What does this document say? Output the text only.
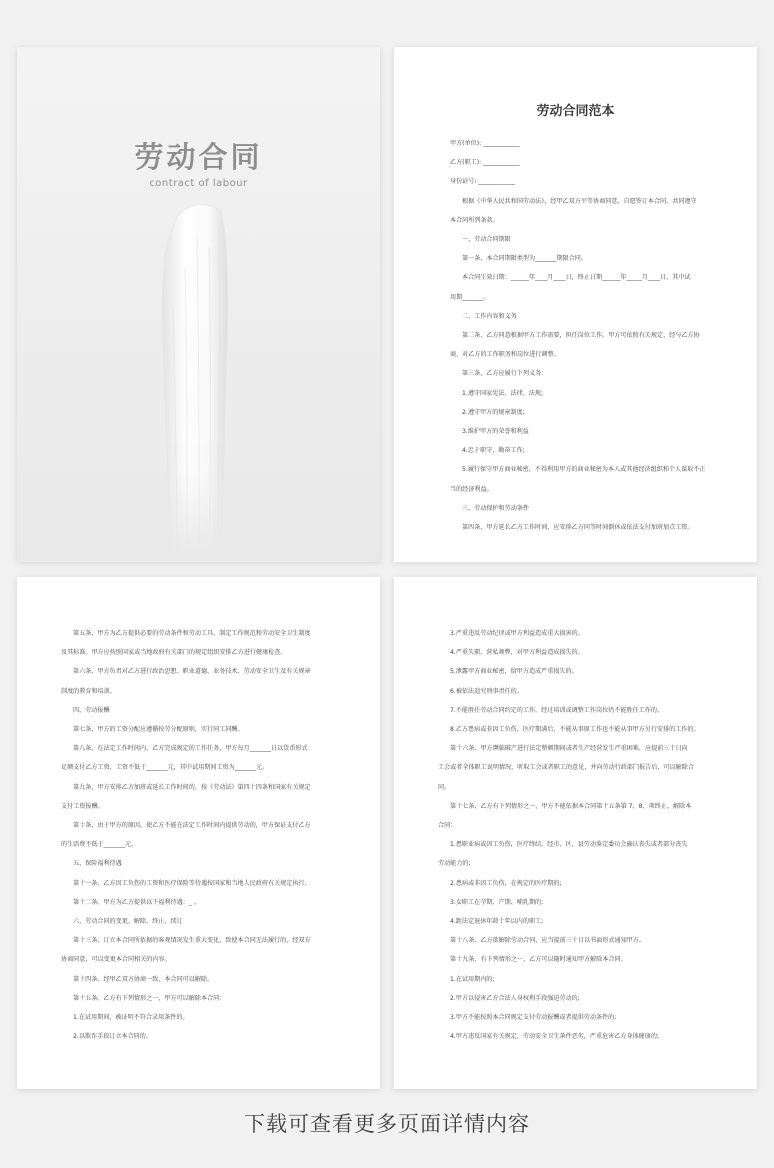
劳动合同
contract of labour
劳动合同范本
甲方(单位): ____________
乙方(职工): ____________
身份证号: ____________
根据《中华人民共和国劳动法》，经甲乙双方平等协商同意，自愿签订本合同，共同遵守
本合同所列条款。
一、劳动合同期限
第一条、本合同期限类型为_______期限合同。
本合同生效日期：______年____月____日，终止日期______年_____月____日，其中试
用期_______。
二、工作内容和义务
第二条、乙方同意根据甲方工作需要，担任岗位工作。甲方可依照有关规定，经与乙方协
商，对乙方的工作职务和岗位进行调整。
第三条、乙方应履行下列义务：
1.遵守国家宪法、法律、法规;
2.遵守甲方的规章制度;
3.维护甲方的荣誉和利益
4.忠于职守，勤奋工作;
5.履行保守甲方商业秘密，不得利用甲方的商业秘密为本人或其他经济组织和个人谋取不正
当的经济利益。
三、劳动保护和劳动条件
第四条、甲方延长乙方工作时间，应安排乙方同等时间倒休或依法支付加班加点工资。
第五条、甲方为乙方提供必要的劳动条件和劳动工具，制定工作规范和劳动安全卫生制度
及其标准。甲方应按照国家或当地政府有关部门的规定组织安排乙方进行健康检查。
第六条、甲方负责对乙方进行政治思想、职业道德、业务技术、劳动安全卫生及有关规章
制度的教育和培训。
四、劳动报酬
第七条、甲方的工资分配应遵循按劳分配原则，实行同工同酬。
第八条、在法定工作时间内，乙方完成规定的工作任务，甲方每月_______日以货币形式
足额支付乙方工资，工资不低于_______元，其中试用期间工资为_______元。
第九条、甲方安排乙方加班或延长工作时间的，按《劳动法》第四十四条和国家有关规定
支付工资报酬。
第十条、由于甲方的原因，使乙方不能在法定工作时间内提供劳动的，甲方保证支付乙方
的生活费不低于_______元。
五、保险福利待遇
第十一条、乙方因工负伤的工资和医疗保险等待遇按国家和当地人民政府有关规定执行。
第十二条、甲方为乙方提供以下福利待遇：_ 。
六、劳动合同的变更、解除、终止、续订
第十三条、订立本合同所依据的客观情况发生重大变化，致使本合同无法履行的，经双方
协商同意，可以变更本合同相关的内容。
第十四条、经甲乙双方协商一致，本合同可以解除。
第十五条、乙方有下列情形之一，甲方可以解除本合同：
1.在试用期间，被证明不符合录用条件的。
2.以欺诈手段订立本合同的。
3.严重违反劳动纪律或甲方利益造成重大损害的。
4.严重失职，营私舞弊，对甲方利益造成损失的。
5.泄露甲方商业秘密，给甲方造成严重损失的。
6.被依法追究刑事责任的。
7.不能胜任劳动合同约定的工作，经过培训或调整工作岗位仍不能胜任工作的。
8.乙方患病或非因工负伤，医疗期满后，不能从事原工作也不能从事甲方另行安排的工作的。
第十六条、甲方濒临破产进行法定整顿期间或者生产经营发生严重困难，应提前三十日向
工会或者全体职工说明情况，听取工会或者职工的意见，并向劳动行政部门报告后，可以解除合
同。
第十七条、乙方有下列情形之一，甲方不能依据本合同第十五条第 7、8、项终止、解除本
合同：
1.患职业病或因工负伤，医疗终结，经市、区、县劳动鉴定委员会确认丧失或者部分丧失
劳动能力的;
2.患病或非因工负伤，在规定的医疗期的;
3.女职工在孕期、产期、哺乳期的;
4.距法定退休年龄十年以内的职工;
第十八条、乙方欲解除劳动合同，应当提前三十日以书面形式通知甲方。
第十九条、有下列情形之一，乙方可以随时通知甲方解除本合同。
1.在试用期内的;
2.甲方以侵害乙方合法人身权利手段强迫劳动的;
3.甲方不能按照本合同规定支付劳动报酬或者提供劳动条件的;
4.甲方违反国家有关规定，劳动安全卫生条件恶劣，严重危害乙方身体健康的;
下载可查看更多页面详情内容
